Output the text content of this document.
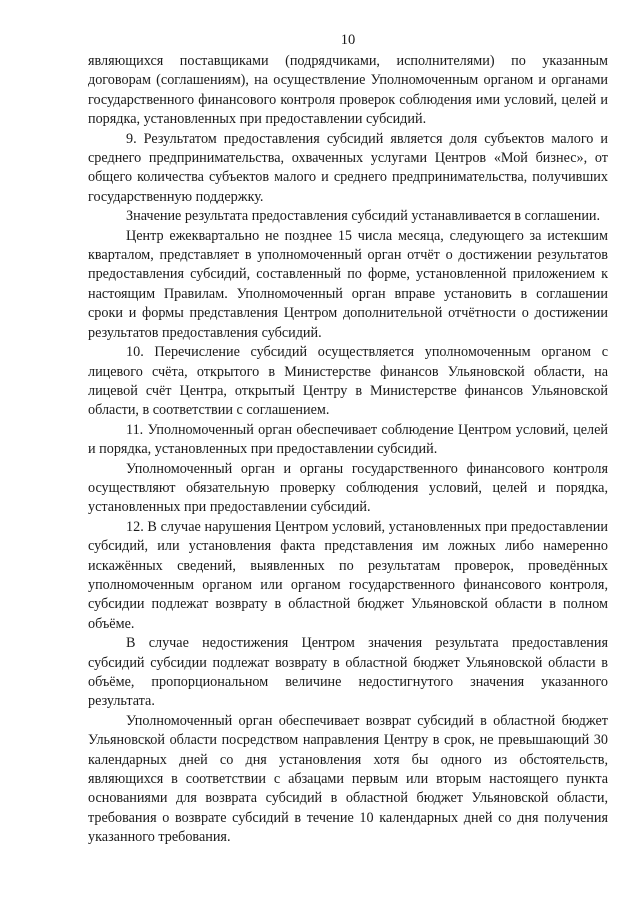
10

являющихся поставщиками (подрядчиками, исполнителями) по указанным договорам (соглашениям), на осуществление Уполномоченным органом и органами государственного финансового контроля проверок соблюдения ими условий, целей и порядка, установленных при предоставлении субсидий.

9. Результатом предоставления субсидий является доля субъектов малого и среднего предпринимательства, охваченных услугами Центров «Мой бизнес», от общего количества субъектов малого и среднего предпринимательства, получивших государственную поддержку.

Значение результата предоставления субсидий устанавливается в соглашении.

Центр ежеквартально не позднее 15 числа месяца, следующего за истекшим кварталом, представляет в уполномоченный орган отчёт о достижении результатов предоставления субсидий, составленный по форме, установленной приложением к настоящим Правилам. Уполномоченный орган вправе установить в соглашении сроки и формы представления Центром дополнительной отчётности о достижении результатов предоставления субсидий.

10. Перечисление субсидий осуществляется уполномоченным органом с лицевого счёта, открытого в Министерстве финансов Ульяновской области, на лицевой счёт Центра, открытый Центру в Министерстве финансов Ульяновской области, в соответствии с соглашением.

11. Уполномоченный орган обеспечивает соблюдение Центром условий, целей и порядка, установленных при предоставлении субсидий.

Уполномоченный орган и органы государственного финансового контроля осуществляют обязательную проверку соблюдения условий, целей и порядка, установленных при предоставлении субсидий.

12. В случае нарушения Центром условий, установленных при предоставлении субсидий, или установления факта представления им ложных либо намеренно искажённых сведений, выявленных по результатам проверок, проведённых уполномоченным органом или органом государственного финансового контроля, субсидии подлежат возврату в областной бюджет Ульяновской области в полном объёме.

В случае недостижения Центром значения результата предоставления субсидий субсидии подлежат возврату в областной бюджет Ульяновской области в объёме, пропорциональном величине недостигнутого значения указанного результата.

Уполномоченный орган обеспечивает возврат субсидий в областной бюджет Ульяновской области посредством направления Центру в срок, не превышающий 30 календарных дней со дня установления хотя бы одного из обстоятельств, являющихся в соответствии с абзацами первым или вторым настоящего пункта основаниями для возврата субсидий в областной бюджет Ульяновской области, требования о возврате субсидий в течение 10 календарных дней со дня получения указанного требования.
